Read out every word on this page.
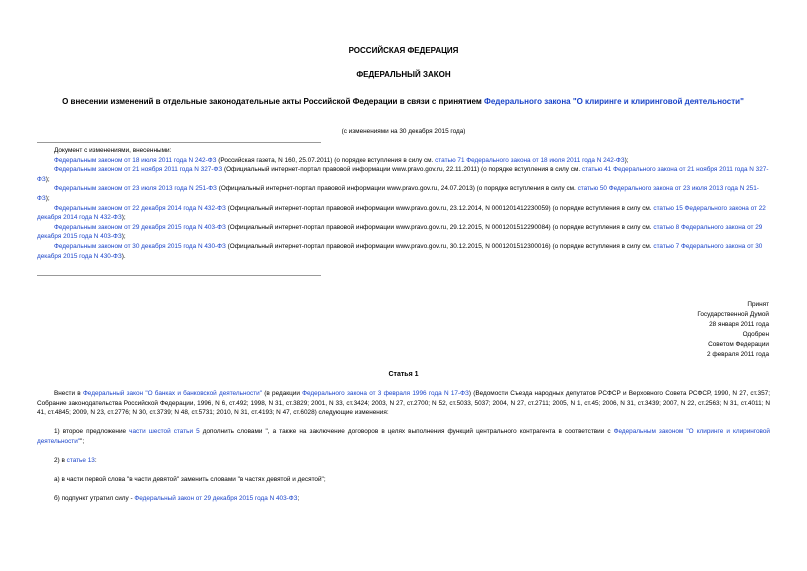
РОССИЙСКАЯ ФЕДЕРАЦИЯ
ФЕДЕРАЛЬНЫЙ ЗАКОН
О внесении изменений в отдельные законодательные акты Российской Федерации в связи с принятием Федерального закона "О клиринге и клиринговой деятельности"
(с изменениями на 30 декабря 2015 года)
Документ с изменениями, внесенными:

Федеральным законом от 18 июля 2011 года N 242-ФЗ (Российская газета, N 160, 25.07.2011) (о порядке вступления в силу см. статью 71 Федерального закона от 18 июля 2011 года N 242-ФЗ);

Федеральным законом от 21 ноября 2011 года N 327-ФЗ (Официальный интернет-портал правовой информации www.pravo.gov.ru, 22.11.2011) (о порядке вступления в силу см. статью 41 Федерального закона от 21 ноября 2011 года N 327-ФЗ);

Федеральным законом от 23 июля 2013 года N 251-ФЗ (Официальный интернет-портал правовой информации www.pravo.gov.ru, 24.07.2013) (о порядке вступления в силу см. статью 50 Федерального закона от 23 июля 2013 года N 251-ФЗ);

Федеральным законом от 22 декабря 2014 года N 432-ФЗ (Официальный интернет-портал правовой информации www.pravo.gov.ru, 23.12.2014, N 0001201412230059) (о порядке вступления в силу см. статью 15 Федерального закона от 22 декабря 2014 года N 432-ФЗ);

Федеральным законом от 29 декабря 2015 года N 403-ФЗ (Официальный интернет-портал правовой информации www.pravo.gov.ru, 29.12.2015, N 0001201512290084) (о порядке вступления в силу см. статью 8 Федерального закона от 29 декабря 2015 года N 403-ФЗ);

Федеральным законом от 30 декабря 2015 года N 430-ФЗ (Официальный интернет-портал правовой информации www.pravo.gov.ru, 30.12.2015, N 0001201512300016) (о порядке вступления в силу см. статью 7 Федерального закона от 30 декабря 2015 года N 430-ФЗ).

Принят
Государственной Думой
28 января 2011 года
Одобрен
Советом Федерации
2 февраля 2011 года
Статья 1

Внести в Федеральный закон "О банках и банковской деятельности" (в редакции Федерального закона от 3 февраля 1996 года N 17-ФЗ) (Ведомости Съезда народных депутатов РСФСР и Верховного Совета РСФСР, 1990, N 27, ст.357; Собрание законодательства Российской Федерации, 1996, N 6, ст.492; 1998, N 31, ст.3829; 2001, N 33, ст.3424; 2003, N 27, ст.2700; N 52, ст.5033, 5037; 2004, N 27, ст.2711; 2005, N 1, ст.45; 2006, N 31, ст.3439; 2007, N 22, ст.2563; N 31, ст.4011; N 41, ст.4845; 2009, N 23, ст.2776; N 30, ст.3739; N 48, ст.5731; 2010, N 31, ст.4193; N 47, ст.6028) следующие изменения:

1) второе предложение части шестой статьи 5 дополнить словами ", а также на заключение договоров в целях выполнения функций центрального контрагента в соответствии с Федеральным законом "О клиринге и клиринговой деятельности"";

2) в статье 13:

а) в части первой слова "в части девятой" заменить словами "в частях девятой и десятой";

б) подпункт утратил силу - Федеральный закон от 29 декабря 2015 года N 403-ФЗ;
